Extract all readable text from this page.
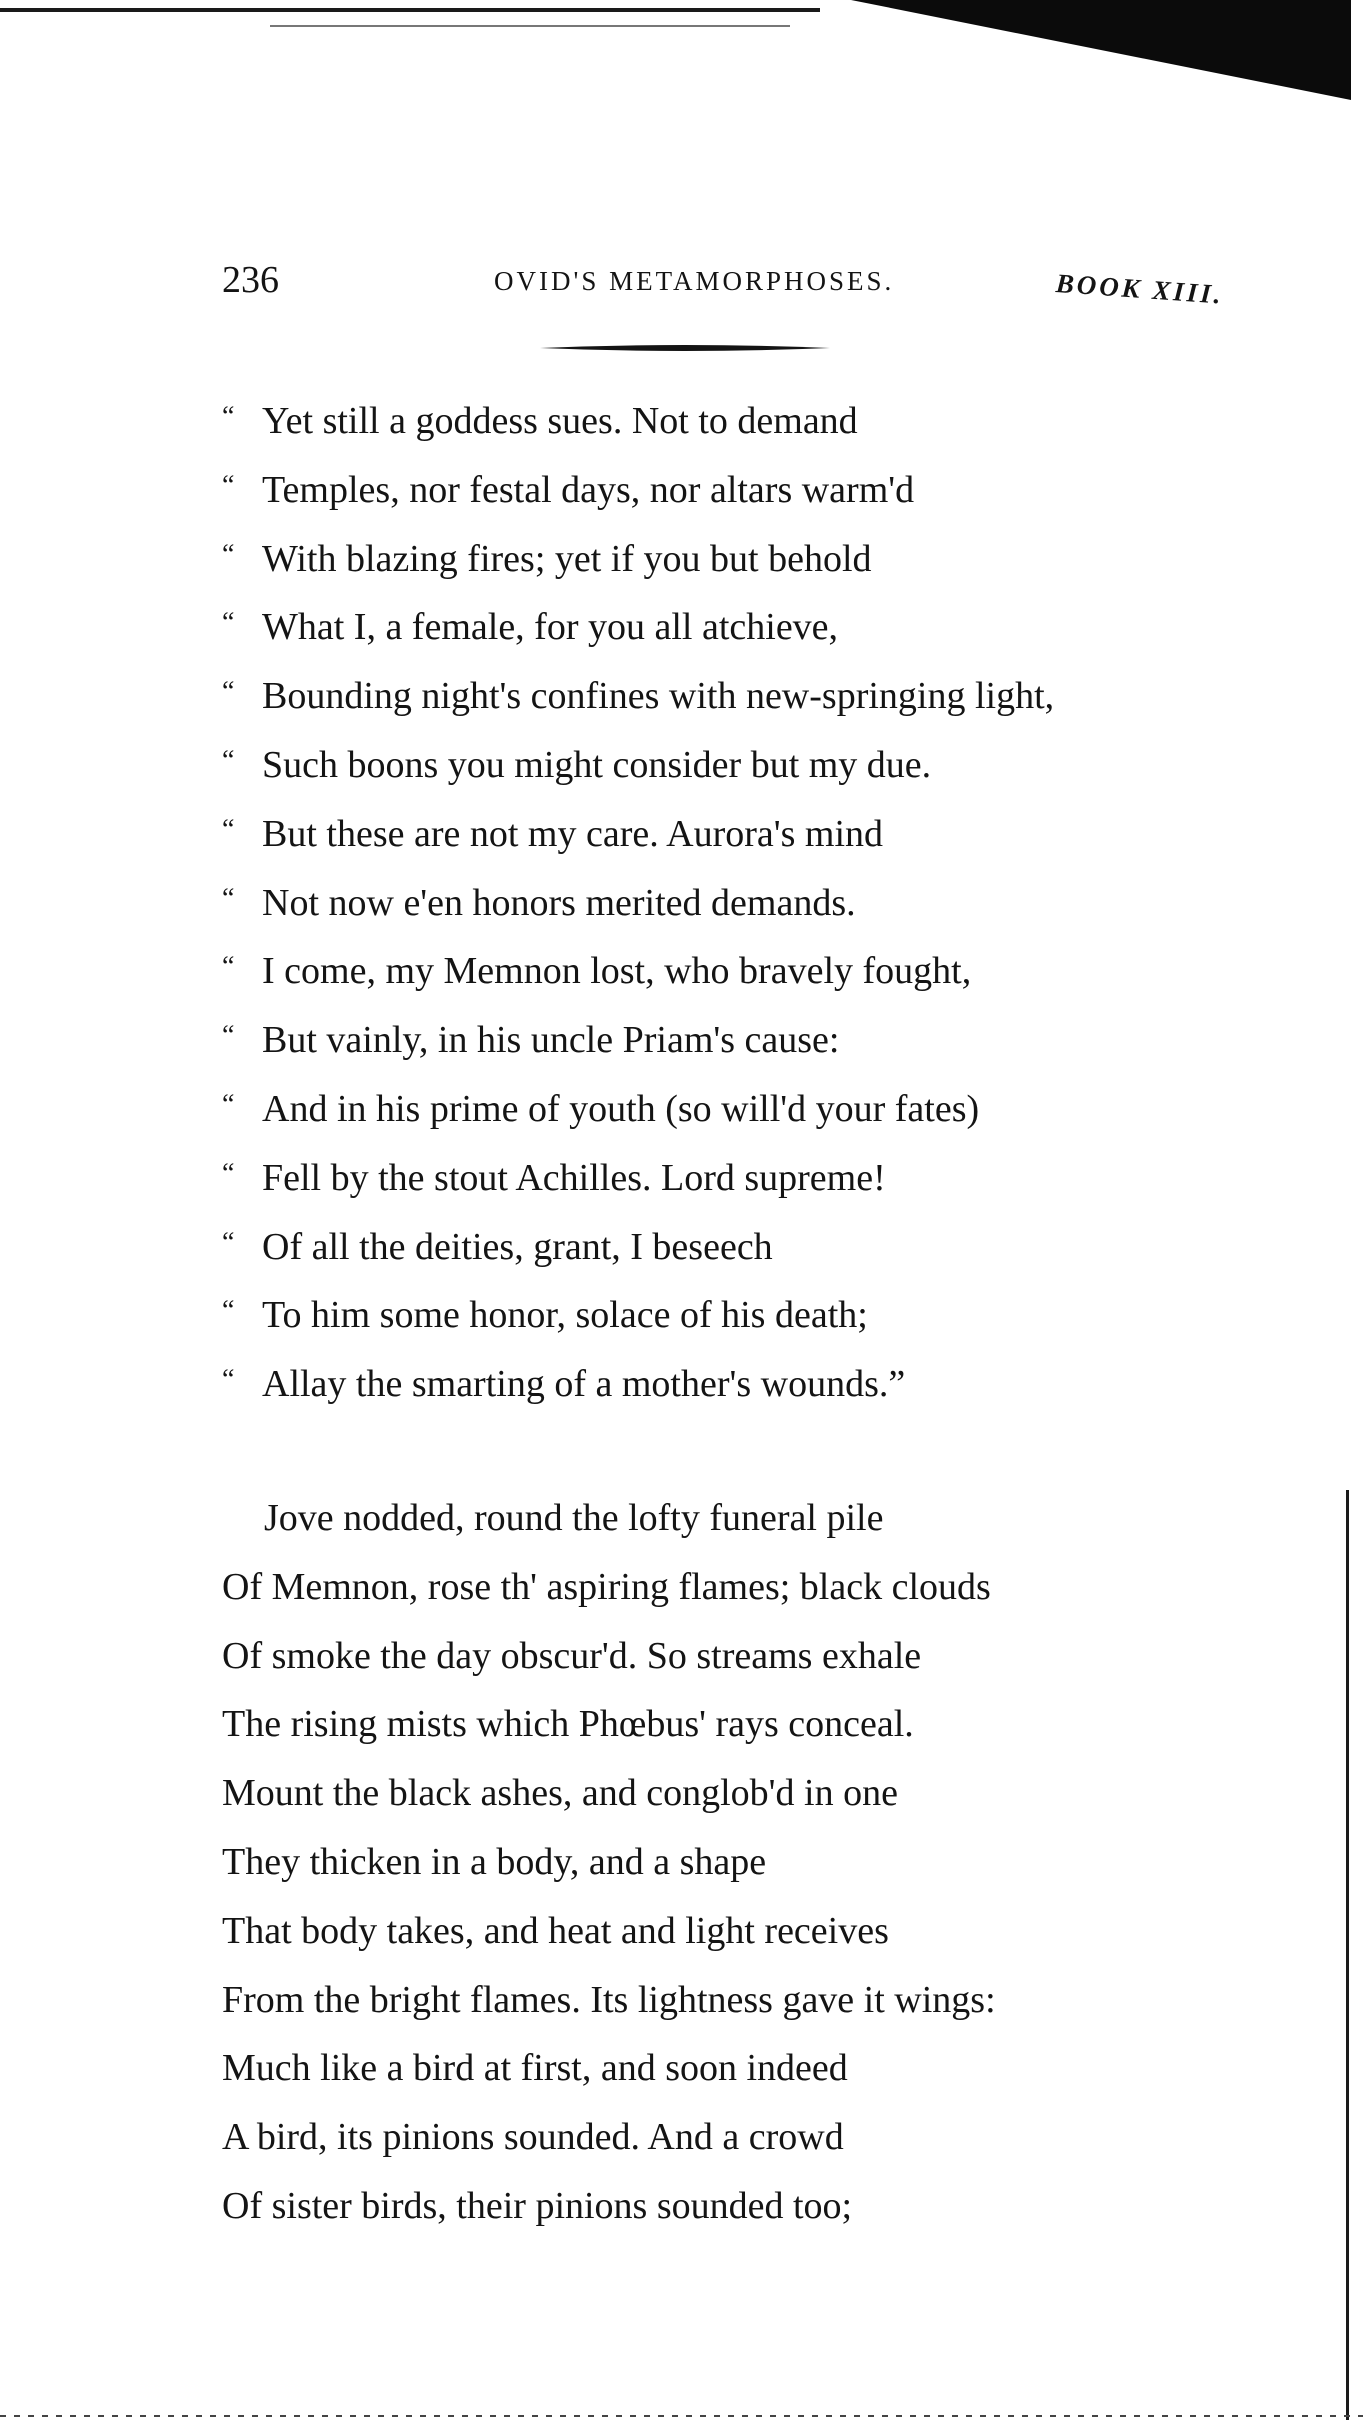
236	OVID'S METAMORPHOSES.	BOOK XIII.
“ Yet still a goddess sues. Not to demand
“ Temples, nor festal days, nor altars warm'd
“ With blazing fires; yet if you but behold
“ What I, a female, for you all atchieve,
“ Bounding night's confines with new-springing light,
“ Such boons you might consider but my due.
“ But these are not my care. Aurora's mind
“ Not now e'en honors merited demands.
“ I come, my Memnon lost, who bravely fought,
“ But vainly, in his uncle Priam's cause:
“ And in his prime of youth (so will'd your fates)
“ Fell by the stout Achilles. Lord supreme!
“ Of all the deities, grant, I beseech
“ To him some honor, solace of his death;
“ Allay the smarting of a mother's wounds.”
Jove nodded, round the lofty funeral pile
Of Memnon, rose th' aspiring flames; black clouds
Of smoke the day obscur'd. So streams exhale
The rising mists which Phœbus' rays conceal.
Mount the black ashes, and conglob'd in one
They thicken in a body, and a shape
That body takes, and heat and light receives
From the bright flames. Its lightness gave it wings:
Much like a bird at first, and soon indeed
A bird, its pinions sounded. And a crowd
Of sister birds, their pinions sounded too;
